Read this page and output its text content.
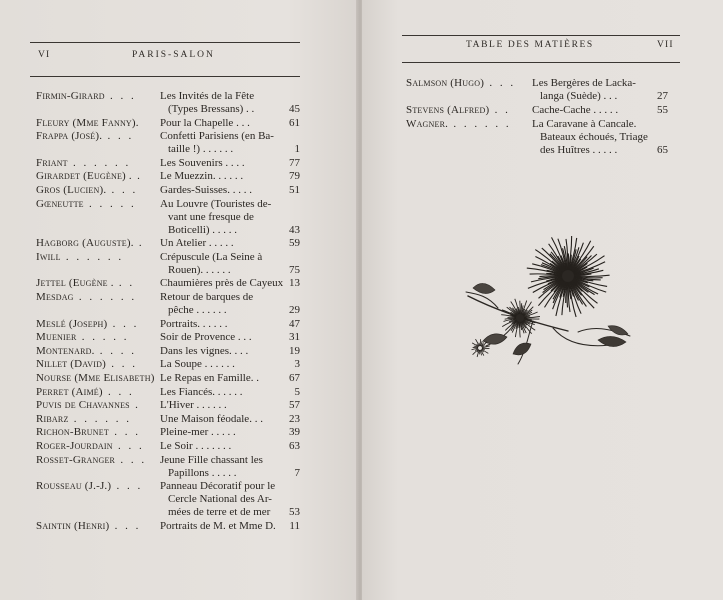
VI	PARIS-SALON
Firmin-Girard . . . Les Invités de la Fête
(Types Bressans) . .	45
Fleury (Mme Fanny). Pour la Chapelle . . .	61
Frappa (José). . . . Confetti Parisiens (en Ba-
taille !) . . . . . .	1
Friant . . . . . .	Les Souvenirs . . . .	77
Girardet (Eugène) . . Le Muezzin. . . . . .	79
Gros (Lucien). . . . Gardes-Suisses. . . . .	51
Gœneutte . . . . . Au Louvre (Touristes de-
vant une fresque de
Boticelli) . . . . .	43
Hagborg (Auguste). . Un Atelier . . . . .	59
Iwill . . . . . .	Crépuscule (La Seine à
Rouen). . . . . .	75
Jettel (Eugène . . . Chaumières près de Cayeux 13
Mesdag . . . . . . Retour de barques de
pêche . . . . . .	29
Meslé (Joseph) . . . Portraits. . . . . .	47
Muenier . . . . .	Soir de Provence . . .	31
Montenard. . . . . Dans les vignes. . . .	19
Nillet (David) . . . La Soupe . . . . . .	3
Nourse (Mme Elisabeth) Le Repas en Famille. .	67
Perret (Aimé) . . . Les Fiancés. . . . . .	5
Puvis de Chavannes . L'Hiver . . . . . .	57
Ribarz . . . . . .	Une Maison féodale. . .	23
Richon-Brunet . . . Pleine-mer . . . . .	39
Roger-Jourdain . . . Le Soir . . . . . . .	63
Rosset-Granger . . . Jeune Fille chassant les
Papillons . . . . .	7
Rousseau (J.-J.) . . . Panneau Décoratif pour le
Cercle National des Ar-
mées de terre et de mer	53
Saintin (Henri) . . . Portraits de M. et Mme D.	11
TABLE DES MATIÈRES	VII
Salmson (Hugo) . . . Les Bergères de Lacka-
langa (Suède) . . .	27
Stevens (Alfred) . . Cache-Cache . . . . .	55
Wagner. . . . . . . La Caravane à Cancale.
Bateaux échoués, Triage
des Huîtres . . . . .	65
